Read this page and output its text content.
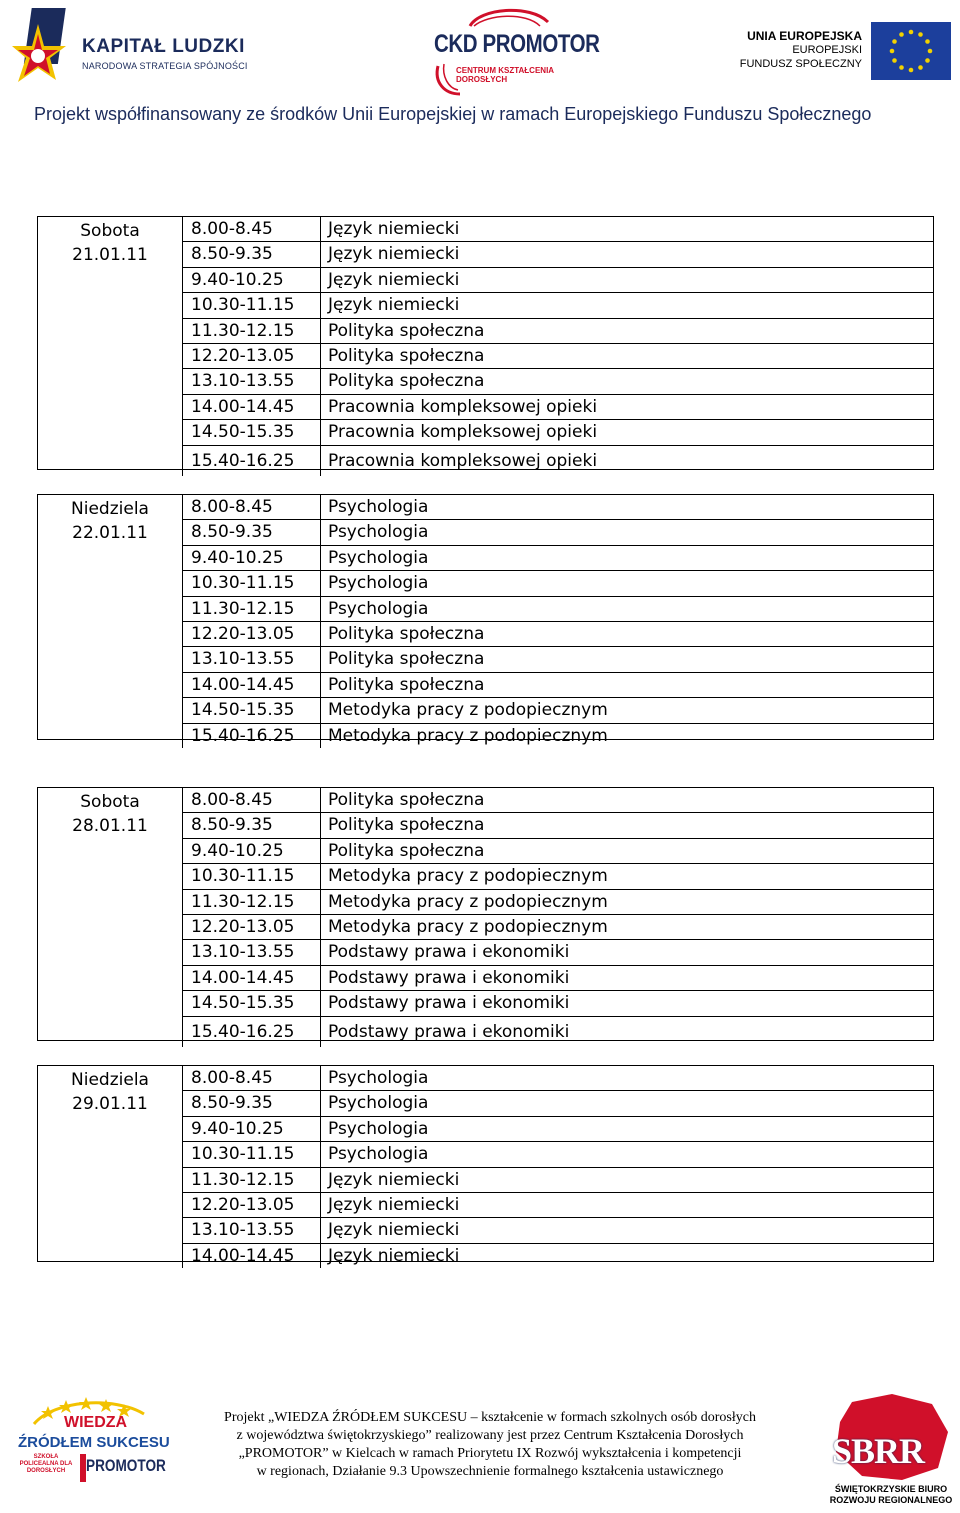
KAPITAŁ LUDZKI
NARODOWA STRATEGIA SPÓJNOŚCI
CKD PROMOTOR
CENTRUM KSZTAŁCENIA DOROSŁYCH
UNIA EUROPEJSKA
EUROPEJSKI
FUNDUSZ SPOŁECZNY
Projekt współfinansowany ze środków Unii Europejskiej w ramach Europejskiego Funduszu Społecznego
Sobota
21.01.11
8.00-8.45	Język niemiecki
8.50-9.35	Język niemiecki
9.40-10.25	Język niemiecki
10.30-11.15	Język niemiecki
11.30-12.15	Polityka społeczna
12.20-13.05	Polityka społeczna
13.10-13.55	Polityka społeczna
14.00-14.45	Pracownia kompleksowej opieki
14.50-15.35	Pracownia kompleksowej opieki
15.40-16.25	Pracownia kompleksowej opieki
Niedziela
22.01.11
8.00-8.45	Psychologia
8.50-9.35	Psychologia
9.40-10.25	Psychologia
10.30-11.15	Psychologia
11.30-12.15	Psychologia
12.20-13.05	Polityka społeczna
13.10-13.55	Polityka społeczna
14.00-14.45	Polityka społeczna
14.50-15.35	Metodyka pracy z podopiecznym
15.40-16.25	Metodyka pracy z podopiecznym
Sobota
28.01.11
8.00-8.45	Polityka społeczna
8.50-9.35	Polityka społeczna
9.40-10.25	Polityka społeczna
10.30-11.15	Metodyka pracy z podopiecznym
11.30-12.15	Metodyka pracy z podopiecznym
12.20-13.05	Metodyka pracy z podopiecznym
13.10-13.55	Podstawy prawa i ekonomiki
14.00-14.45	Podstawy prawa i ekonomiki
14.50-15.35	Podstawy prawa i ekonomiki
15.40-16.25	Podstawy prawa i ekonomiki
Niedziela
29.01.11
8.00-8.45	Psychologia
8.50-9.35	Psychologia
9.40-10.25	Psychologia
10.30-11.15	Psychologia
11.30-12.15	Język niemiecki
12.20-13.05	Język niemiecki
13.10-13.55	Język niemiecki
14.00-14.45	Język niemiecki
WIEDZA
ŹRÓDŁEM SUKCESU
SZKOŁA POLICEALNA DLA DOROSŁYCH	PROMOTOR
Projekt „WIEDZA ŹRÓDŁEM SUKCESU – kształcenie w formach szkolnych osób dorosłych
z województwa świętokrzyskiego” realizowany jest przez Centrum Kształcenia Dorosłych
„PROMOTOR” w Kielcach w ramach Priorytetu IX Rozwój wykształcenia i kompetencji
w regionach, Działanie 9.3 Upowszechnienie formalnego kształcenia ustawicznego
SBRR
ŚWIĘTOKRZYSKIE BIURO ROZWOJU REGIONALNEGO
